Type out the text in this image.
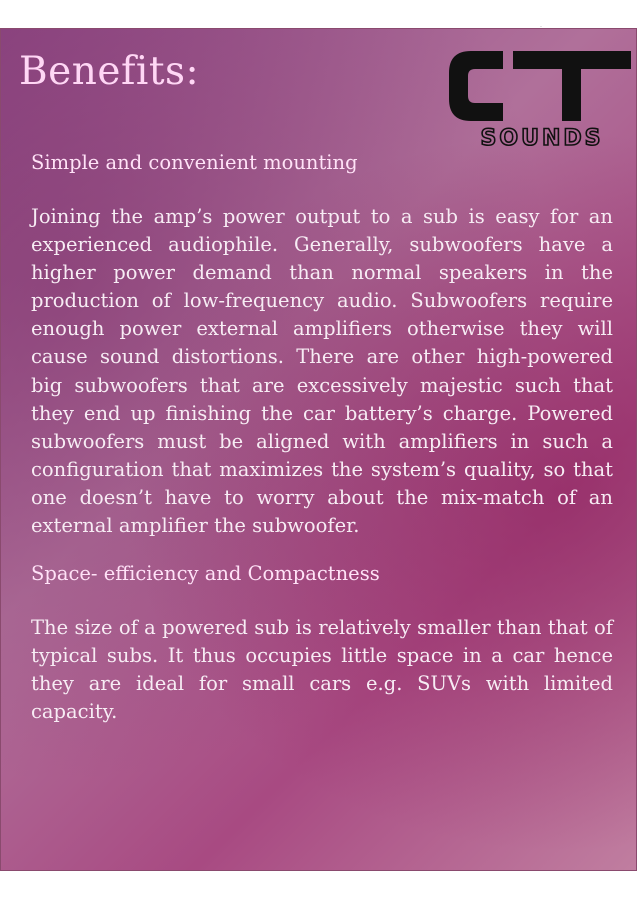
Benefits:
SOUNDS
CT
Simple and convenient mounting

Joining the amp’s power output to a sub is easy for an experienced audiophile. Generally, subwoofers have a higher power demand than normal speakers in the production of low-frequency audio. Subwoofers require enough power external amplifiers otherwise they will cause sound distortions. There are other high-powered big subwoofers that are excessively majestic such that they end up finishing the car battery’s charge. Powered subwoofers must be aligned with amplifiers in such a configuration that maximizes the system’s quality, so that one doesn’t have to worry about the mix-match of an external amplifier the subwoofer.

Space- efficiency and Compactness

The size of a powered sub is relatively smaller than that of typical subs. It thus occupies little space in a car hence they are ideal for small cars e.g. SUVs with limited capacity.
